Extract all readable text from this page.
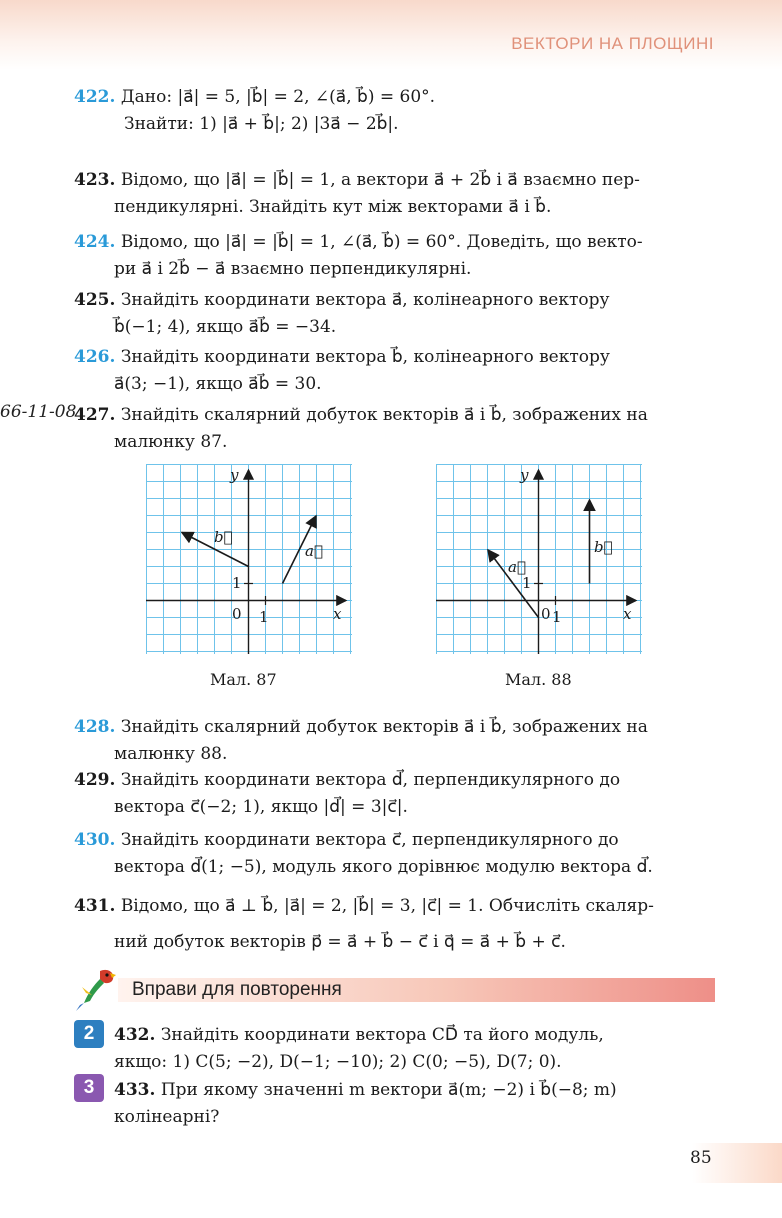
ВЕКТОРИ НА ПЛОЩИНІ
66-11-08
422. Дано: |a⃗| = 5, |b⃗| = 2, ∠(a⃗, b⃗) = 60°.
Знайти: 1) |a⃗ + b⃗|; 2) |3a⃗ − 2b⃗|.
423. Відомо, що |a⃗| = |b⃗| = 1, а вектори a⃗ + 2b⃗ і a⃗ взаємно пер-
пендикулярні. Знайдіть кут між векторами a⃗ і b⃗.
424. Відомо, що |a⃗| = |b⃗| = 1, ∠(a⃗, b⃗) = 60°. Доведіть, що векто-
ри a⃗ і 2b⃗ − a⃗ взаємно перпендикулярні.
425. Знайдіть координати вектора a⃗, колінеарного вектору
b⃗(−1; 4), якщо a⃗b⃗ = −34.
426. Знайдіть координати вектора b⃗, колінеарного вектору
a⃗(3; −1), якщо a⃗b⃗ = 30.
427. Знайдіть скалярний добуток векторів a⃗ і b⃗, зображених на
малюнку 87.
y
x
0 1
1
b⃗
a⃗
Мал. 87
y
x
0 1
1
a⃗
b⃗
Мал. 88
428. Знайдіть скалярний добуток векторів a⃗ і b⃗, зображених на
малюнку 88.
429. Знайдіть координати вектора d⃗, перпендикулярного до
вектора c⃗(−2; 1), якщо |d⃗| = 3|c⃗|.
430. Знайдіть координати вектора c⃗, перпендикулярного до
вектора d⃗(1; −5), модуль якого дорівнює модулю вектора d⃗.
431. Відомо, що a⃗ ⊥ b⃗, |a⃗| = 2, |b⃗| = 3, |c⃗| = 1. Обчисліть скаляр-
ний добуток векторів p⃗ = a⃗ + b⃗ − c⃗ і q⃗ = a⃗ + b⃗ + c⃗.
Вправи для повторення
2	432. Знайдіть координати вектора CD⃗ та його модуль,
якщо: 1) C(5; −2), D(−1; −10); 2) C(0; −5), D(7; 0).
3	433. При якому значенні m вектори a⃗(m; −2) і b⃗(−8; m)
колінеарні?
85
